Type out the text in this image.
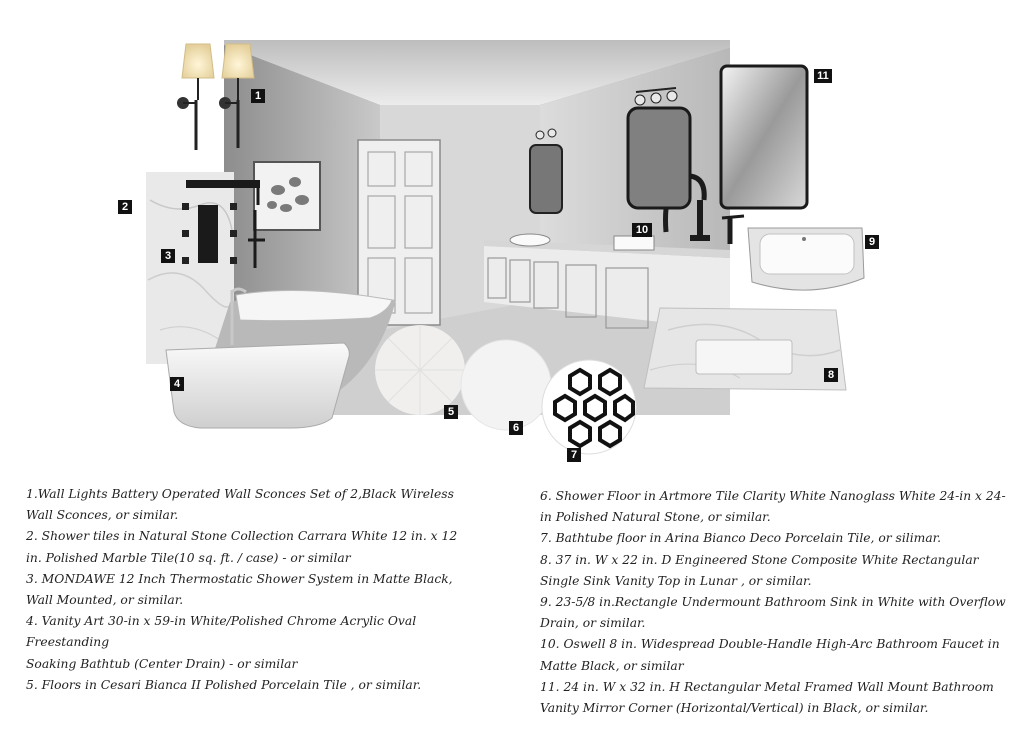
1
2
3
4
5
6
7
8
9
10
11

1.Wall Lights Battery Operated Wall Sconces Set of 2,Black Wireless Wall Sconces, or similar.

2. Shower tiles in Natural Stone Collection Carrara White 12 in. x 12 in. Polished Marble Tile(10 sq. ft. / case) - or similar

3. MONDAWE 12 Inch Thermostatic Shower System in Matte Black, Wall Mounted, or similar.

4. Vanity Art 30-in x 59-in White/Polished Chrome Acrylic Oval Freestanding

Soaking Bathtub (Center Drain) - or similar

5. Floors in Cesari Bianca II Polished Porcelain Tile , or similar.

6. Shower Floor in Artmore Tile Clarity White Nanoglass White 24-in x 24-in Polished Natural Stone, or similar.

7. Bathtube floor in Arina Bianco Deco Porcelain Tile, or silimar.

8. 37 in. W x 22 in. D Engineered Stone Composite White Rectangular Single Sink Vanity Top in Lunar , or similar.

9. 23-5/8 in.Rectangle Undermount Bathroom Sink in White with Overflow Drain, or similar.

10. Oswell 8 in. Widespread Double-Handle High-Arc Bathroom Faucet in Matte Black, or similar

11. 24 in. W x 32 in. H Rectangular Metal Framed Wall Mount Bathroom Vanity Mirror Corner (Horizontal/Vertical) in Black, or similar.
